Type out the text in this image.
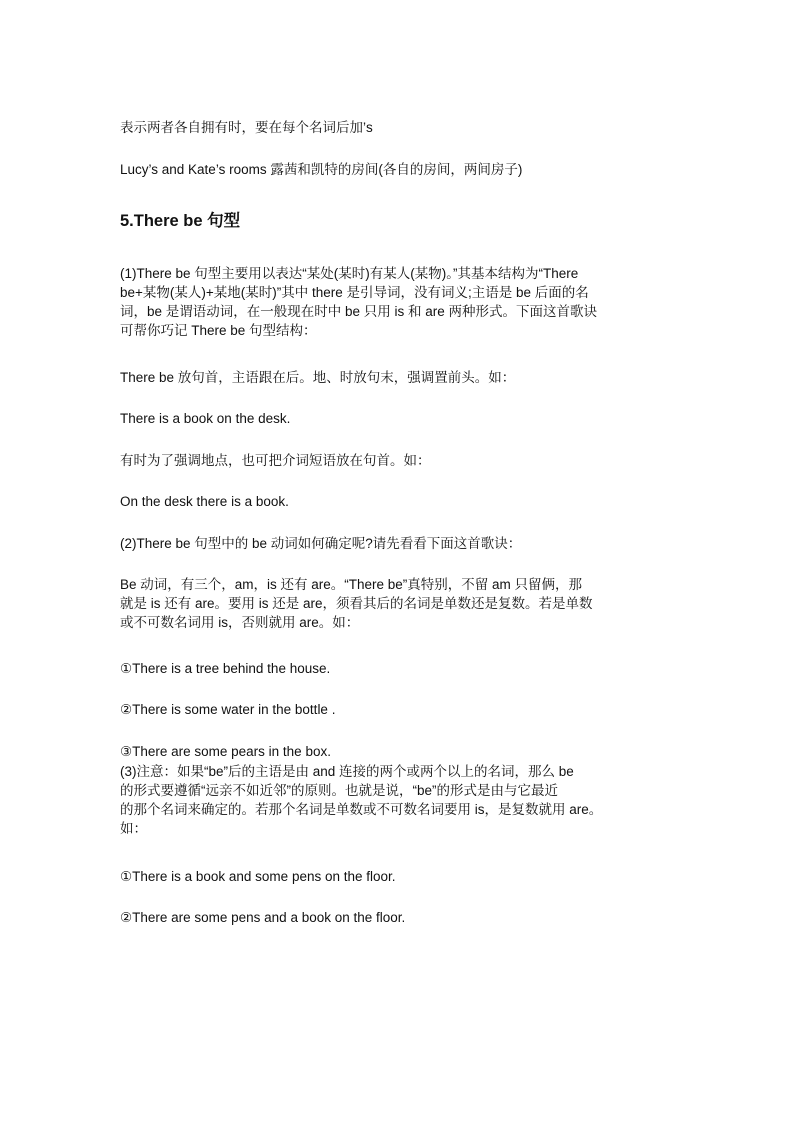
表示两者各自拥有时，要在每个名词后加’s
Lucy’s and Kate’s rooms 露茜和凯特的房间(各自的房间，两间房子)
5.There be 句型
(1)There be 句型主要用以表达“某处(某时)有某人(某物)。”其基本结构为“There
be+某物(某人)+某地(某时)”其中 there 是引导词，没有词义;主语是 be 后面的名
词，be 是谓语动词，在一般现在时中 be 只用 is 和 are 两种形式。下面这首歌诀
可帮你巧记 There be 句型结构：
There be 放句首，主语跟在后。地、时放句末，强调置前头。如：
There is a book on the desk.
有时为了强调地点，也可把介词短语放在句首。如：
On the desk there is a book.
(2)There be 句型中的 be 动词如何确定呢?请先看看下面这首歌诀：
Be 动词，有三个，am，is 还有 are。“There be”真特别，不留 am 只留俩，那
就是 is 还有 are。要用 is 还是 are，须看其后的名词是单数还是复数。若是单数
或不可数名词用 is，否则就用 are。如：
①There is a tree behind the house.
②There is some water in the bottle .
③There are some pears in the box.
(3)注意：如果“be”后的主语是由 and 连接的两个或两个以上的名词，那么 be
的形式要遵循“远亲不如近邻”的原则。也就是说，“be”的形式是由与它最近
的那个名词来确定的。若那个名词是单数或不可数名词要用 is，是复数就用 are。
如：
①There is a book and some pens on the floor.
②There are some pens and a book on the floor.
